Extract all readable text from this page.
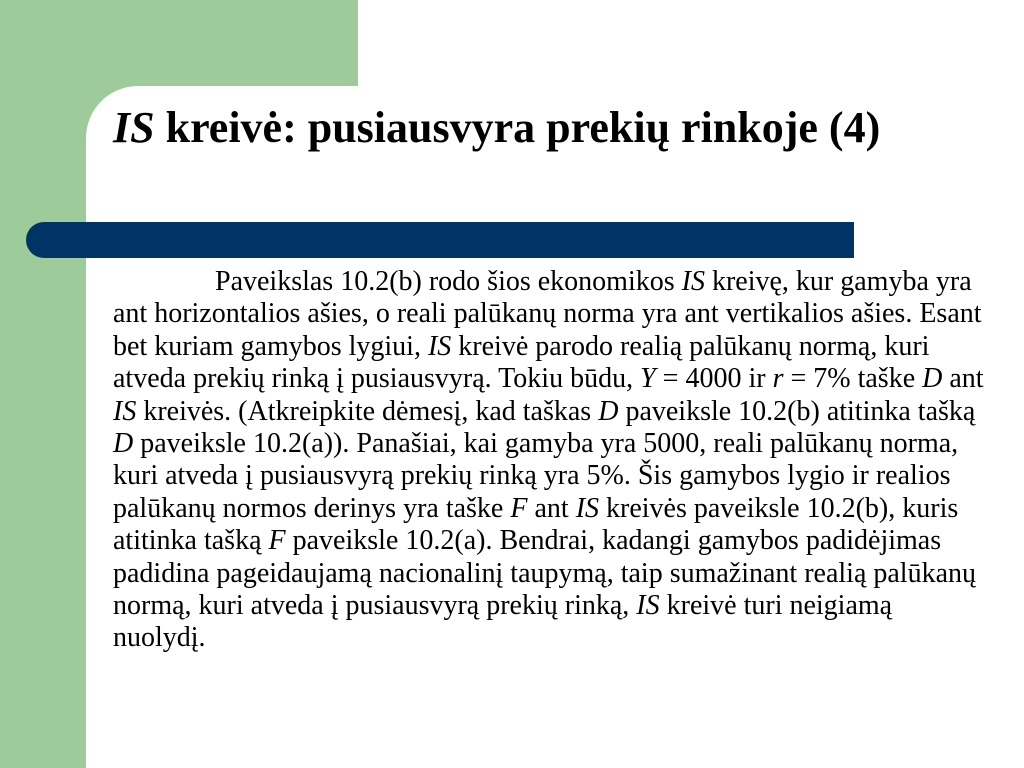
IS kreivė: pusiausvyra prekių rinkoje (4)

Paveikslas 10.2(b) rodo šios ekonomikos IS kreivę, kur gamyba yra ant horizontalios ašies, o reali palūkanų norma yra ant vertikalios ašies. Esant bet kuriam gamybos lygiui, IS kreivė parodo realią palūkanų normą, kuri atveda prekių rinką į pusiausvyrą. Tokiu būdu, Y = 4000 ir r = 7% taške D ant IS kreivės. (Atkreipkite dėmesį, kad taškas D paveiksle 10.2(b) atitinka tašką D paveiksle 10.2(a)). Panašiai, kai gamyba yra 5000, reali palūkanų norma, kuri atveda į pusiausvyrą prekių rinką yra 5%. Šis gamybos lygio ir realios palūkanų normos derinys yra taške F ant IS kreivės paveiksle 10.2(b), kuris atitinka tašką F paveiksle 10.2(a). Bendrai, kadangi gamybos padidėjimas padidina pageidaujamą nacionalinį taupymą, taip sumažinant realią palūkanų normą, kuri atveda į pusiausvyrą prekių rinką, IS kreivė turi neigiamą nuolydį.
